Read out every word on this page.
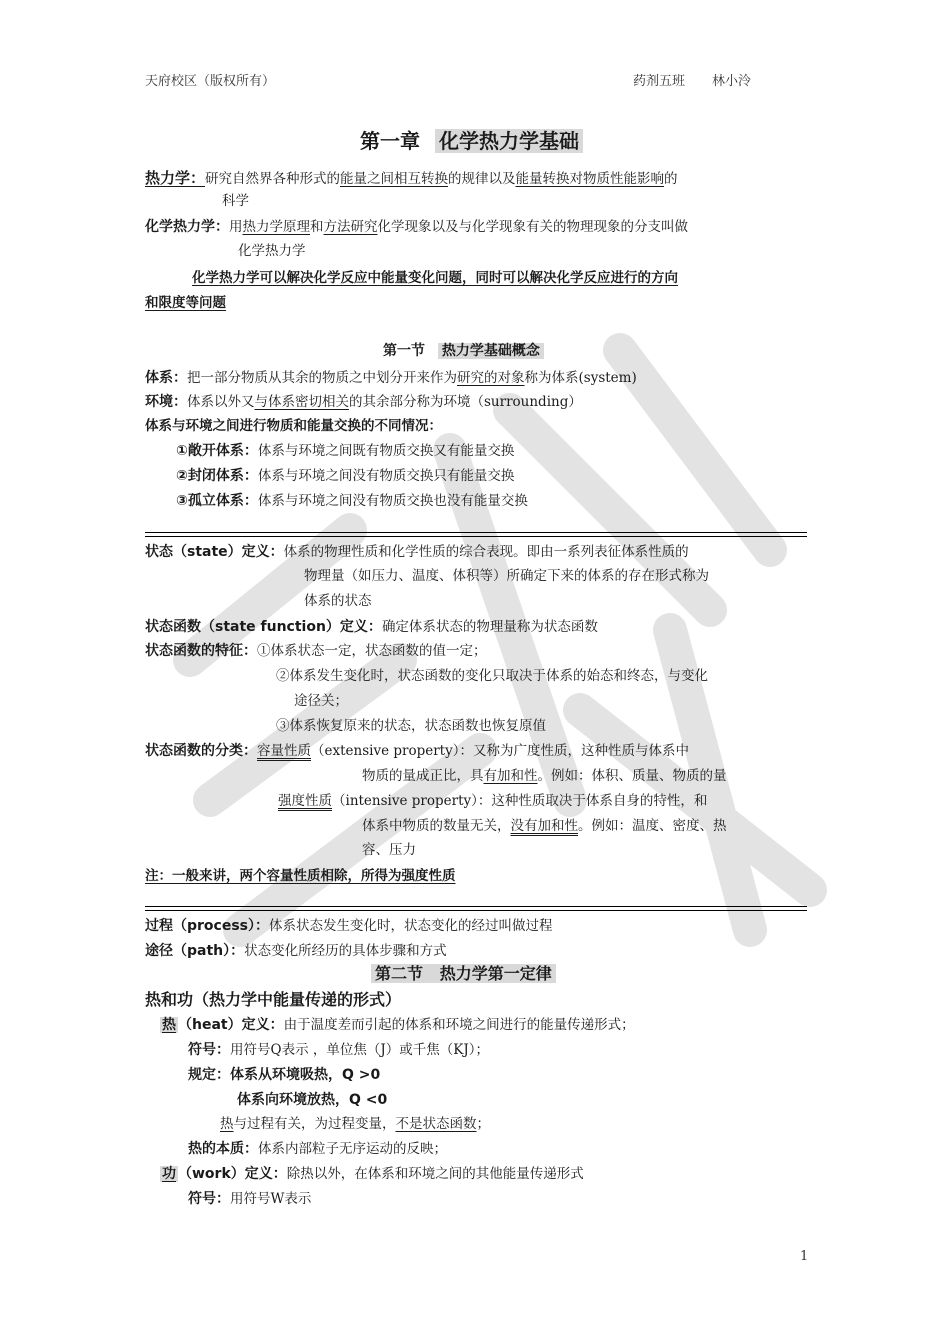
天府校区（版权所有）	药剂五班 林小泠
第一章 化学热力学基础
热力学：研究自然界各种形式的能量之间相互转换的规律以及能量转换对物质性能影响的
科学
化学热力学：用热力学原理和方法研究化学现象以及与化学现象有关的物理现象的分支叫做
化学热力学
化学热力学可以解决化学反应中能量变化问题，同时可以解决化学反应进行的方向
和限度等问题
第一节 热力学基础概念
体系：把一部分物质从其余的物质之中划分开来作为研究的对象称为体系(system)
环境：体系以外又与体系密切相关的其余部分称为环境（surrounding）
体系与环境之间进行物质和能量交换的不同情况：
①敞开体系：体系与环境之间既有物质交换又有能量交换
②封闭体系：体系与环境之间没有物质交换只有能量交换
③孤立体系：体系与环境之间没有物质交换也没有能量交换
状态（state）定义：体系的物理性质和化学性质的综合表现。即由一系列表征体系性质的
物理量（如压力、温度、体积等）所确定下来的体系的存在形式称为
体系的状态
状态函数（state function）定义：确定体系状态的物理量称为状态函数
状态函数的特征：①体系状态一定，状态函数的值一定；
②体系发生变化时，状态函数的变化只取决于体系的始态和终态，与变化
途径关；
③体系恢复原来的状态，状态函数也恢复原值
状态函数的分类：容量性质（extensive property）：又称为广度性质，这种性质与体系中
物质的量成正比，具有加和性。例如：体积、质量、物质的量
强度性质（intensive property）：这种性质取决于体系自身的特性，和
体系中物质的数量无关，没有加和性。例如：温度、密度、热
容、压力
注：一般来讲，两个容量性质相除，所得为强度性质
过程（process）：体系状态发生变化时，状态变化的经过叫做过程
途径（path）：状态变化所经历的具体步骤和方式
第二节 热力学第一定律
热和功（热力学中能量传递的形式）
热 （heat）定义：由于温度差而引起的体系和环境之间进行的能量传递形式；
符号：用符号Q表示 ，单位焦（J）或千焦（KJ）；
规定：体系从环境吸热，Q >0
体系向环境放热，Q <0
热与过程有关，为过程变量，不是状态函数；
热的本质：体系内部粒子无序运动的反映；
功 （work）定义：除热以外，在体系和环境之间的其他能量传递形式
符号：用符号W表示
1
